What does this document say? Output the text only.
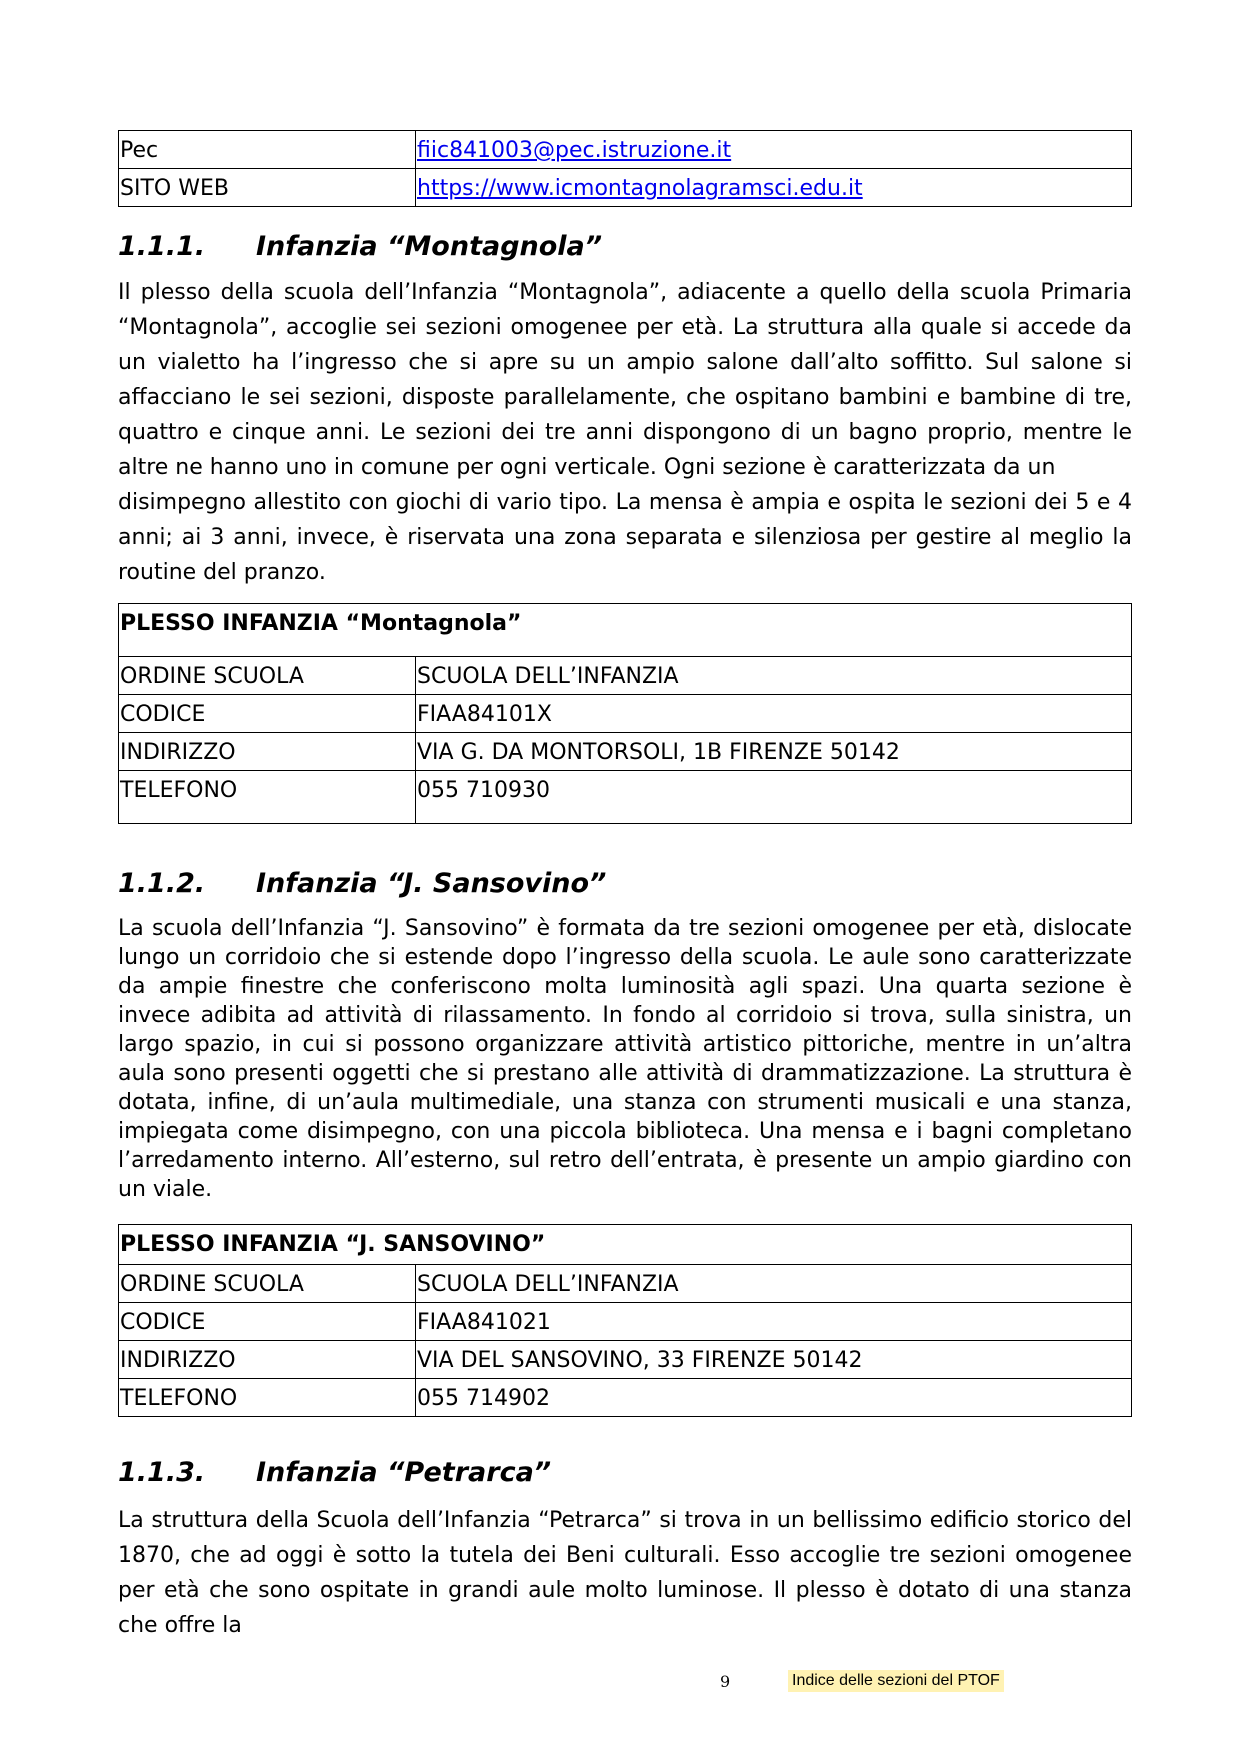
Pec	fiic841003@pec.istruzione.it
SITO WEB	https://www.icmontagnolagramsci.edu.it
1.1.1.	Infanzia “Montagnola”

Il plesso della scuola dell’Infanzia “Montagnola”, adiacente a quello della scuola Primaria “Montagnola”, accoglie sei sezioni omogenee per età. La struttura alla quale si accede da un vialetto ha l’ingresso che si apre su un ampio salone dall’alto soffitto. Sul salone si affacciano le sei sezioni, disposte parallelamente, che ospitano bambini e bambine di tre, quattro e cinque anni. Le sezioni dei tre anni dispongono di un bagno proprio, mentre le altre ne hanno uno in comune per ogni verticale. Ogni sezione è caratterizzata da un

disimpegno allestito con giochi di vario tipo. La mensa è ampia e ospita le sezioni dei 5 e 4 anni; ai 3 anni, invece, è riservata una zona separata e silenziosa per gestire al meglio la routine del pranzo.

PLESSO INFANZIA “Montagnola”	
ORDINE SCUOLA	SCUOLA DELL’INFANZIA
CODICE	FIAA84101X
INDIRIZZO	VIA G. DA MONTORSOLI, 1B FIRENZE 50142
TELEFONO	055 710930
1.1.2.	Infanzia “J. Sansovino”

La scuola dell’Infanzia “J. Sansovino” è formata da tre sezioni omogenee per età, dislocate lungo un corridoio che si estende dopo l’ingresso della scuola. Le aule sono caratterizzate da ampie finestre che conferiscono molta luminosità agli spazi. Una quarta sezione è invece adibita ad attività di rilassamento. In fondo al corridoio si trova, sulla sinistra, un largo spazio, in cui si possono organizzare attività artistico pittoriche, mentre in un’altra aula sono presenti oggetti che si prestano alle attività di drammatizzazione. La struttura è dotata, infine, di un’aula multimediale, una stanza con strumenti musicali e una stanza, impiegata come disimpegno, con una piccola biblioteca. Una mensa e i bagni completano l’arredamento interno. All’esterno, sul retro dell’entrata, è presente un ampio giardino con un viale.

PLESSO INFANZIA “J. SANSOVINO”	
ORDINE SCUOLA	SCUOLA DELL’INFANZIA
CODICE	FIAA841021
INDIRIZZO	VIA DEL SANSOVINO, 33 FIRENZE 50142
TELEFONO	055 714902
1.1.3.	Infanzia “Petrarca”

La struttura della Scuola dell’Infanzia “Petrarca” si trova in un bellissimo edificio storico del 1870, che ad oggi è sotto la tutela dei Beni culturali. Esso accoglie tre sezioni omogenee per età che sono ospitate in grandi aule molto luminose. Il plesso è dotato di una stanza che offre la

9	Indice delle sezioni del PTOF
